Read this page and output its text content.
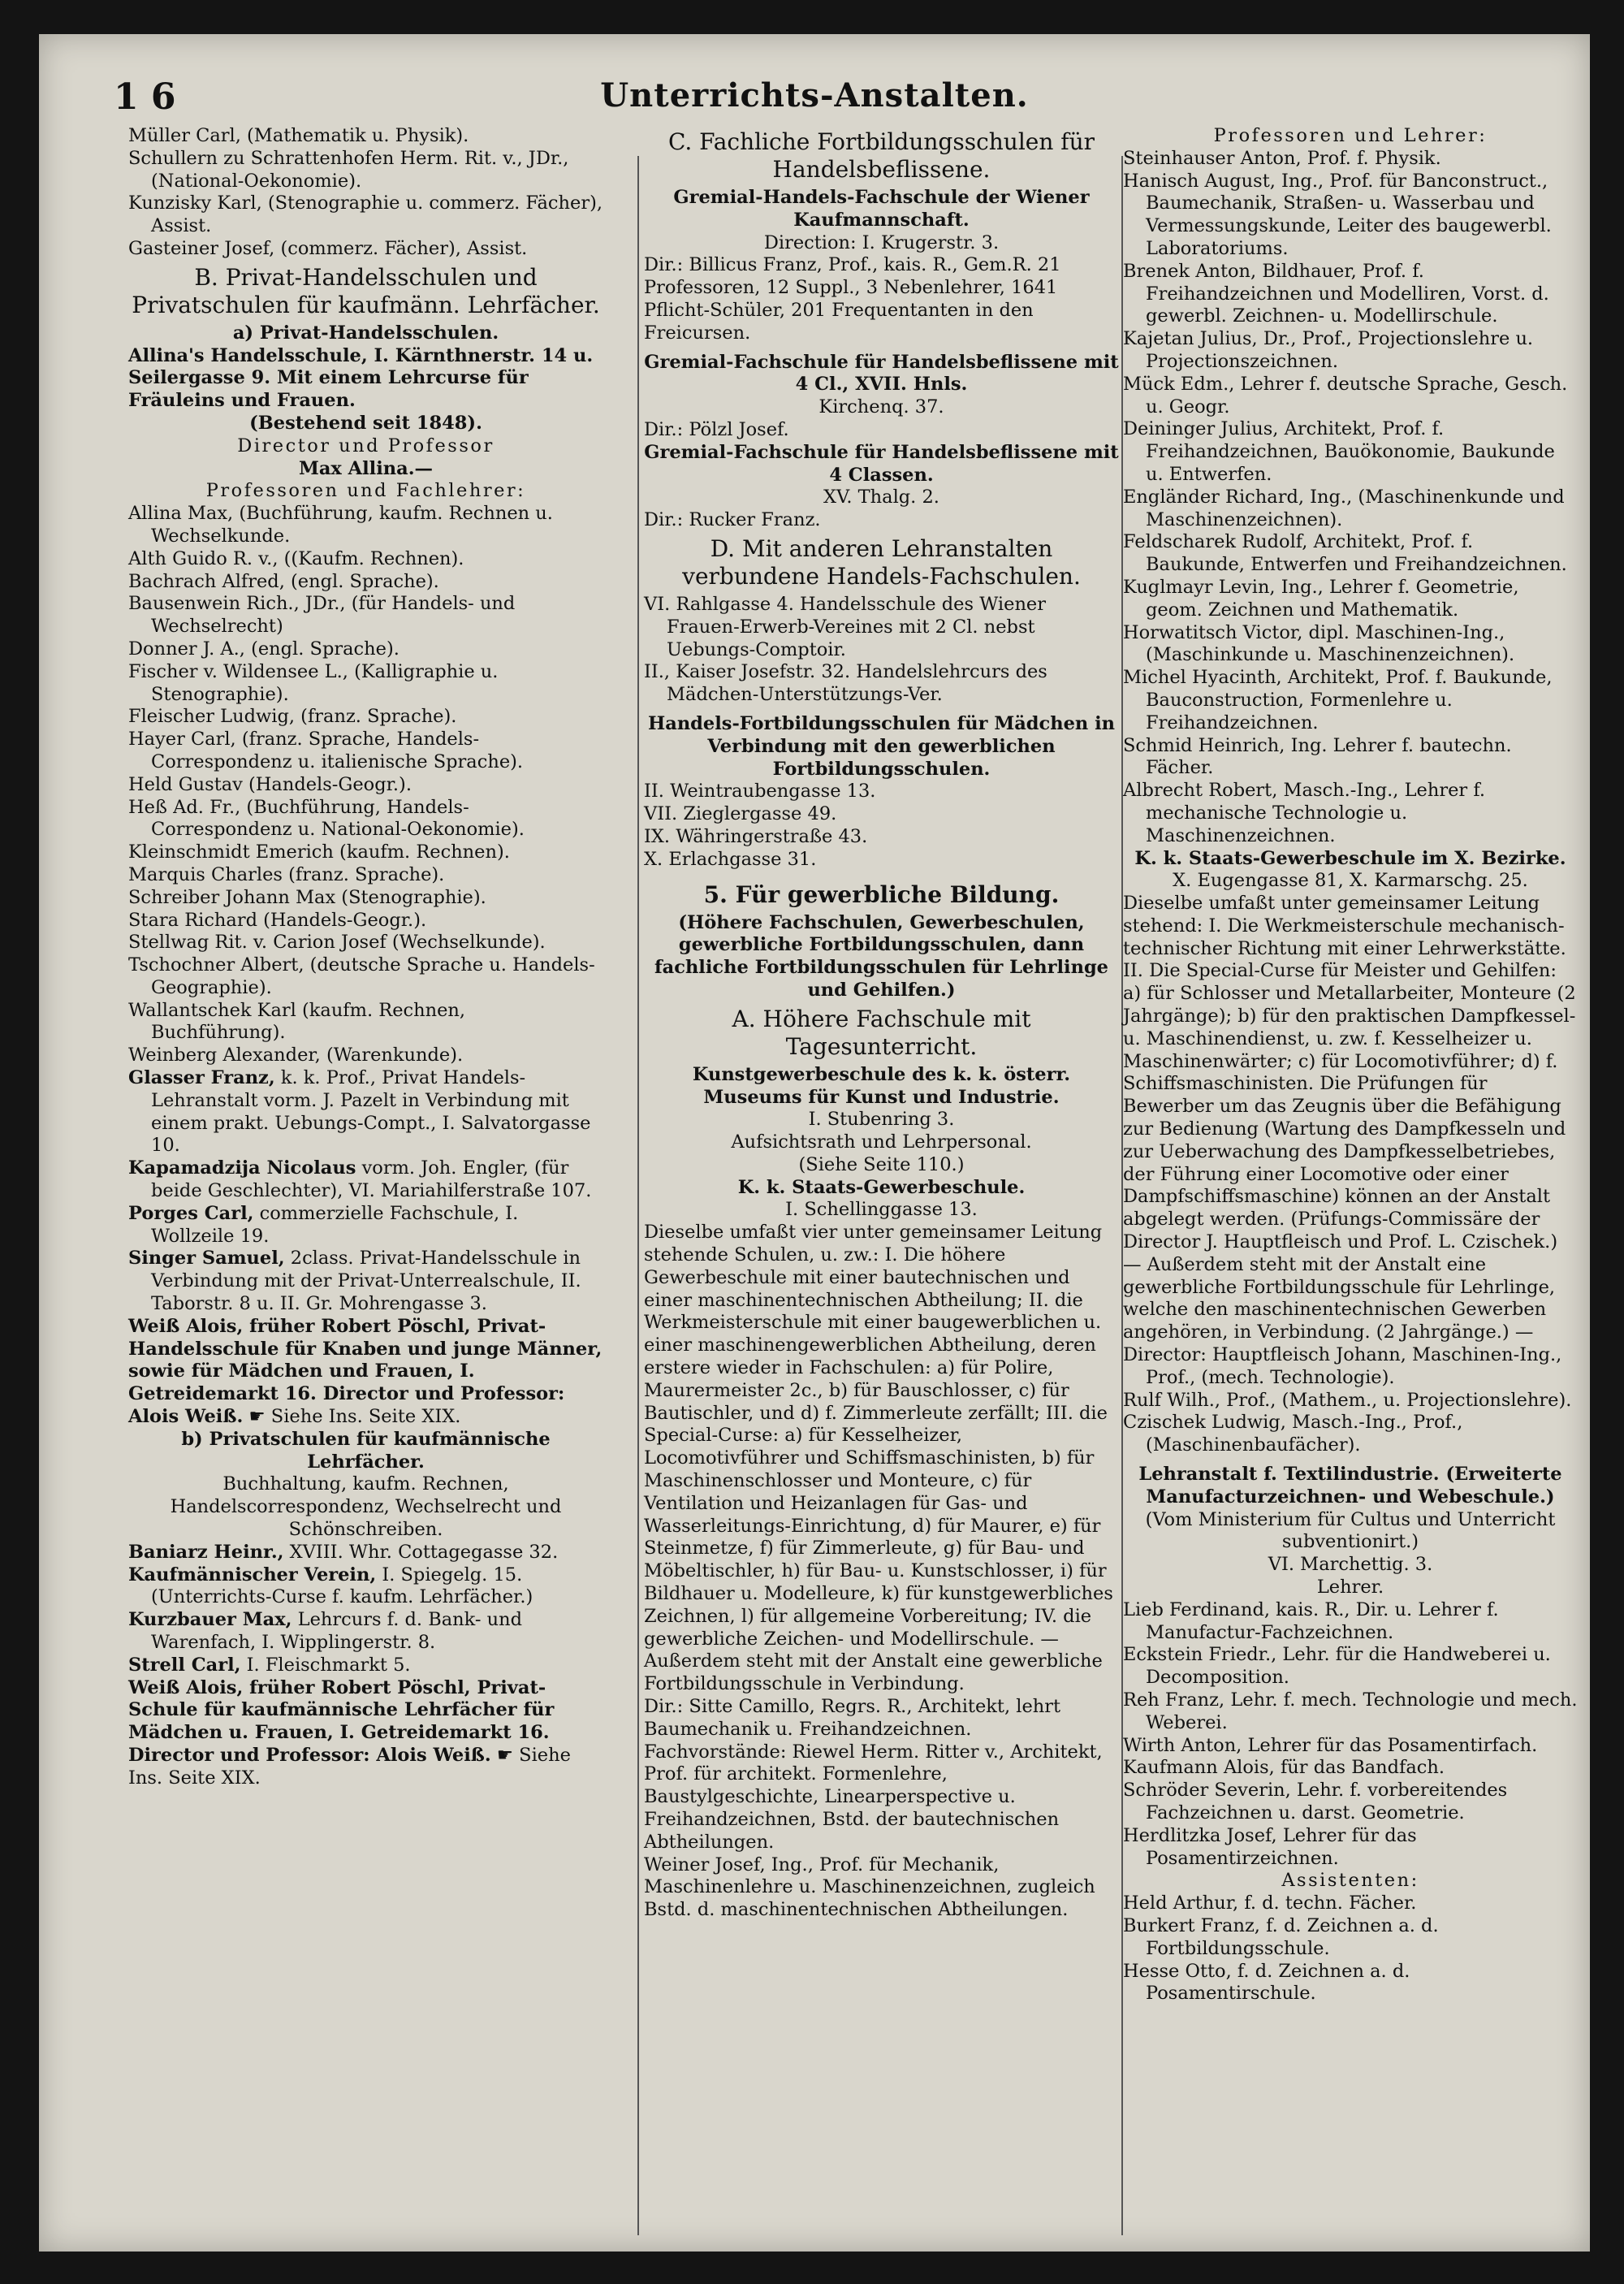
1 6	Unterrichts-Anstalten.

Müller Carl, (Mathematik u. Physik).

Schullern zu Schrattenhofen Herm. Rit. v., JDr., (National-Oekonomie).

Kunzisky Karl, (Stenographie u. commerz. Fächer), Assist.

Gasteiner Josef, (commerz. Fächer), Assist.

B. Privat-Handelsschulen und Privatschulen für kaufmänn. Lehrfächer.

a) Privat-Handelsschulen.

Allina's Handelsschule, I. Kärnthnerstr. 14 u. Seilergasse 9. Mit einem Lehrcurse für Fräuleins und Frauen.

(Bestehend seit 1848).

Director und Professor

Max Allina.—

Professoren und Fachlehrer:

Allina Max, (Buchführung, kaufm. Rechnen u. Wechselkunde.

Alth Guido R. v., ((Kaufm. Rechnen).

Bachrach Alfred, (engl. Sprache).

Bausenwein Rich., JDr., (für Handels- und Wechselrecht)

Donner J. A., (engl. Sprache).

Fischer v. Wildensee L., (Kalligraphie u. Stenographie).

Fleischer Ludwig, (franz. Sprache).

Hayer Carl, (franz. Sprache, Handels-Correspondenz u. italienische Sprache).

Held Gustav (Handels-Geogr.).

Heß Ad. Fr., (Buchführung, Handels-Correspondenz u. National-Oekonomie).

Kleinschmidt Emerich (kaufm. Rechnen).

Marquis Charles (franz. Sprache).

Schreiber Johann Max (Stenographie).

Stara Richard (Handels-Geogr.).

Stellwag Rit. v. Carion Josef (Wechselkunde).

Tschochner Albert, (deutsche Sprache u. Handels-Geographie).

Wallantschek Karl (kaufm. Rechnen, Buchführung).

Weinberg Alexander, (Warenkunde).

Glasser Franz, k. k. Prof., Privat Handels-Lehranstalt vorm. J. Pazelt in Verbindung mit einem prakt. Uebungs-Compt., I. Salvatorgasse 10.

Kapamadzija Nicolaus vorm. Joh. Engler, (für beide Geschlechter), VI. Mariahilferstraße 107.

Porges Carl, commerzielle Fachschule, I. Wollzeile 19.

Singer Samuel, 2class. Privat-Handelsschule in Verbindung mit der Privat-Unterrealschule, II. Taborstr. 8 u. II. Gr. Mohrengasse 3.

Weiß Alois, früher Robert Pöschl, Privat-Handelsschule für Knaben und junge Männer, sowie für Mädchen und Frauen, I. Getreidemarkt 16. Director und Professor: Alois Weiß. ☛ Siehe Ins. Seite XIX.

b) Privatschulen für kaufmännische Lehrfächer.

Buchhaltung, kaufm. Rechnen, Handelscorrespondenz, Wechselrecht und Schönschreiben.

Baniarz Heinr., XVIII. Whr. Cottagegasse 32.

Kaufmännischer Verein, I. Spiegelg. 15. (Unterrichts-Curse f. kaufm. Lehrfächer.)

Kurzbauer Max, Lehrcurs f. d. Bank- und Warenfach, I. Wipplingerstr. 8.

Strell Carl, I. Fleischmarkt 5.

Weiß Alois, früher Robert Pöschl, Privat-Schule für kaufmännische Lehrfächer für Mädchen u. Frauen, I. Getreidemarkt 16. Director und Professor: Alois Weiß. ☛ Siehe Ins. Seite XIX.

C. Fachliche Fortbildungsschulen für Handelsbeflissene.

Gremial-Handels-Fachschule der Wiener Kaufmannschaft.

Direction: I. Krugerstr. 3.

Dir.: Billicus Franz, Prof., kais. R., Gem.R. 21 Professoren, 12 Suppl., 3 Nebenlehrer, 1641 Pflicht-Schüler, 201 Frequentanten in den Freicursen.

Gremial-Fachschule für Handelsbeflissene mit 4 Cl., XVII. Hnls.

Kirchenq. 37.

Dir.: Pölzl Josef.

Gremial-Fachschule für Handelsbeflissene mit 4 Classen.

XV. Thalg. 2.

Dir.: Rucker Franz.

D. Mit anderen Lehranstalten verbundene Handels-Fachschulen.

VI. Rahlgasse 4. Handelsschule des Wiener Frauen-Erwerb-Vereines mit 2 Cl. nebst Uebungs-Comptoir.

II., Kaiser Josefstr. 32. Handelslehrcurs des Mädchen-Unterstützungs-Ver.

Handels-Fortbildungsschulen für Mädchen in Verbindung mit den gewerblichen Fortbildungsschulen.

II. Weintraubengasse 13.

VII. Zieglergasse 49.

IX. Währingerstraße 43.

X. Erlachgasse 31.

5. Für gewerbliche Bildung.

(Höhere Fachschulen, Gewerbeschulen, gewerbliche Fortbildungsschulen, dann fachliche Fortbildungsschulen für Lehrlinge und Gehilfen.)

A. Höhere Fachschule mit Tagesunterricht.

Kunstgewerbeschule des k. k. österr. Museums für Kunst und Industrie.

I. Stubenring 3.

Aufsichtsrath und Lehrpersonal.

(Siehe Seite 110.)

K. k. Staats-Gewerbeschule.

I. Schellinggasse 13.

Dieselbe umfaßt vier unter gemeinsamer Leitung stehende Schulen, u. zw.: I. Die höhere Gewerbeschule mit einer bautechnischen und einer maschinentechnischen Abtheilung; II. die Werkmeisterschule mit einer baugewerblichen u. einer maschinengewerblichen Abtheilung, deren erstere wieder in Fachschulen: a) für Polire, Maurermeister 2c., b) für Bauschlosser, c) für Bautischler, und d) f. Zimmerleute zerfällt; III. die Special-Curse: a) für Kesselheizer, Locomotivführer und Schiffsmaschinisten, b) für Maschinenschlosser und Monteure, c) für Ventilation und Heizanlagen für Gas- und Wasserleitungs-Einrichtung, d) für Maurer, e) für Steinmetze, f) für Zimmerleute, g) für Bau- und Möbeltischler, h) für Bau- u. Kunstschlosser, i) für Bildhauer u. Modelleure, k) für kunstgewerbliches Zeichnen, l) für allgemeine Vorbereitung; IV. die gewerbliche Zeichen- und Modellirschule. — Außerdem steht mit der Anstalt eine gewerbliche Fortbildungsschule in Verbindung.

Dir.: Sitte Camillo, Regrs. R., Architekt, lehrt Baumechanik u. Freihandzeichnen.

Fachvorstände: Riewel Herm. Ritter v., Architekt, Prof. für architekt. Formenlehre, Baustylgeschichte, Linearperspective u. Freihandzeichnen, Bstd. der bautechnischen Abtheilungen.

Weiner Josef, Ing., Prof. für Mechanik, Maschinenlehre u. Maschinenzeichnen, zugleich Bstd. d. maschinentechnischen Abtheilungen.

Professoren und Lehrer:

Steinhauser Anton, Prof. f. Physik.

Hanisch August, Ing., Prof. für Banconstruct., Baumechanik, Straßen- u. Wasserbau und Vermessungskunde, Leiter des baugewerbl. Laboratoriums.

Brenek Anton, Bildhauer, Prof. f. Freihandzeichnen und Modelliren, Vorst. d. gewerbl. Zeichnen- u. Modellirschule.

Kajetan Julius, Dr., Prof., Projectionslehre u. Projectionszeichnen.

Mück Edm., Lehrer f. deutsche Sprache, Gesch. u. Geogr.

Deininger Julius, Architekt, Prof. f. Freihandzeichnen, Bauökonomie, Baukunde u. Entwerfen.

Engländer Richard, Ing., (Maschinenkunde und Maschinenzeichnen).

Feldscharek Rudolf, Architekt, Prof. f. Baukunde, Entwerfen und Freihandzeichnen.

Kuglmayr Levin, Ing., Lehrer f. Geometrie, geom. Zeichnen und Mathematik.

Horwatitsch Victor, dipl. Maschinen-Ing., (Maschinkunde u. Maschinenzeichnen).

Michel Hyacinth, Architekt, Prof. f. Baukunde, Bauconstruction, Formenlehre u. Freihandzeichnen.

Schmid Heinrich, Ing. Lehrer f. bautechn. Fächer.

Albrecht Robert, Masch.-Ing., Lehrer f. mechanische Technologie u. Maschinenzeichnen.

K. k. Staats-Gewerbeschule im X. Bezirke.

X. Eugengasse 81, X. Karmarschg. 25.

Dieselbe umfaßt unter gemeinsamer Leitung stehend: I. Die Werkmeisterschule mechanisch-technischer Richtung mit einer Lehrwerkstätte. II. Die Special-Curse für Meister und Gehilfen: a) für Schlosser und Metallarbeiter, Monteure (2 Jahrgänge); b) für den praktischen Dampfkessel- u. Maschinendienst, u. zw. f. Kesselheizer u. Maschinenwärter; c) für Locomotivführer; d) f. Schiffsmaschinisten. Die Prüfungen für Bewerber um das Zeugnis über die Befähigung zur Bedienung (Wartung des Dampfkesseln und zur Ueberwachung des Dampfkesselbetriebes, der Führung einer Locomotive oder einer Dampfschiffsmaschine) können an der Anstalt abgelegt werden. (Prüfungs-Commissäre der Director J. Hauptfleisch und Prof. L. Czischek.) — Außerdem steht mit der Anstalt eine gewerbliche Fortbildungsschule für Lehrlinge, welche den maschinentechnischen Gewerben angehören, in Verbindung. (2 Jahrgänge.) —

Director: Hauptfleisch Johann, Maschinen-Ing., Prof., (mech. Technologie).

Rulf Wilh., Prof., (Mathem., u. Projectionslehre).

Czischek Ludwig, Masch.-Ing., Prof., (Maschinenbaufächer).

Lehranstalt f. Textilindustrie. (Erweiterte Manufacturzeichnen- und Webeschule.)

(Vom Ministerium für Cultus und Unterricht subventionirt.)

VI. Marchettig. 3.

Lehrer.

Lieb Ferdinand, kais. R., Dir. u. Lehrer f. Manufactur-Fachzeichnen.

Eckstein Friedr., Lehr. für die Handweberei u. Decomposition.

Reh Franz, Lehr. f. mech. Technologie und mech. Weberei.

Wirth Anton, Lehrer für das Posamentirfach.

Kaufmann Alois, für das Bandfach.

Schröder Severin, Lehr. f. vorbereitendes Fachzeichnen u. darst. Geometrie.

Herdlitzka Josef, Lehrer für das Posamentirzeichnen.

Assistenten:

Held Arthur, f. d. techn. Fächer.

Burkert Franz, f. d. Zeichnen a. d. Fortbildungsschule.

Hesse Otto, f. d. Zeichnen a. d. Posamentirschule.
